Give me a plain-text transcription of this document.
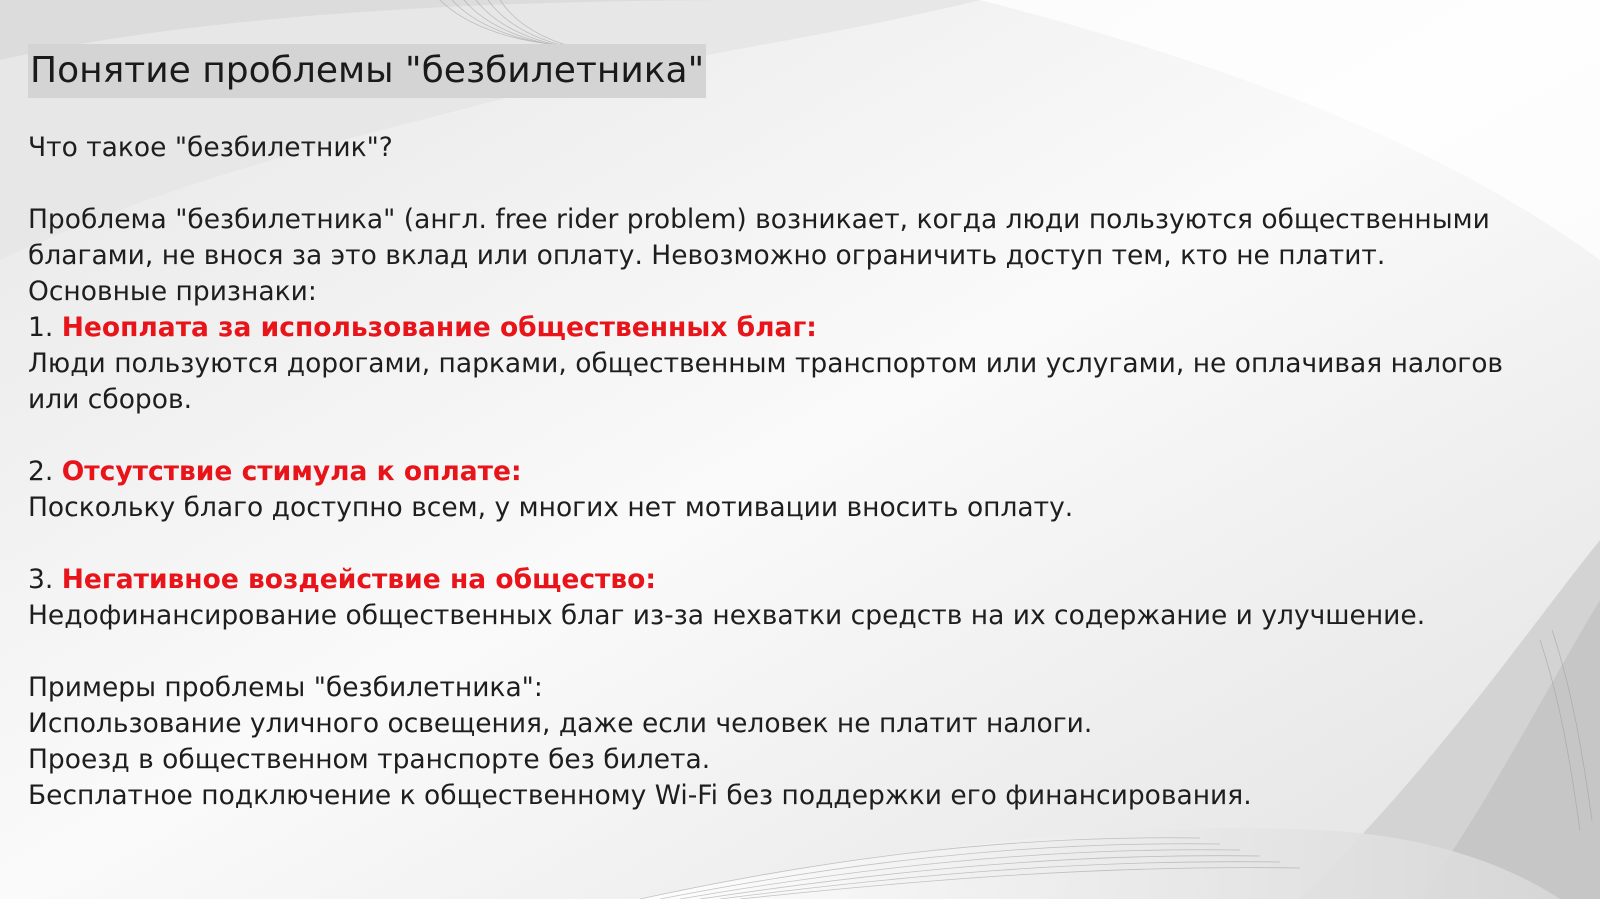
Понятие проблемы "безбилетника"
Что такое "безбилетник"?
Проблема "безбилетника" (англ. free rider problem) возникает, когда люди пользуются общественными
благами, не внося за это вклад или оплату. Невозможно ограничить доступ тем, кто не платит.
Основные признаки:
1. Неоплата за использование общественных благ:
Люди пользуются дорогами, парками, общественным транспортом или услугами, не оплачивая налогов
или сборов.
2. Отсутствие стимула к оплате:
Поскольку благо доступно всем, у многих нет мотивации вносить оплату.
3. Негативное воздействие на общество:
Недофинансирование общественных благ из-за нехватки средств на их содержание и улучшение.
Примеры проблемы "безбилетника":
Использование уличного освещения, даже если человек не платит налоги.
Проезд в общественном транспорте без билета.
Бесплатное подключение к общественному Wi-Fi без поддержки его финансирования.
